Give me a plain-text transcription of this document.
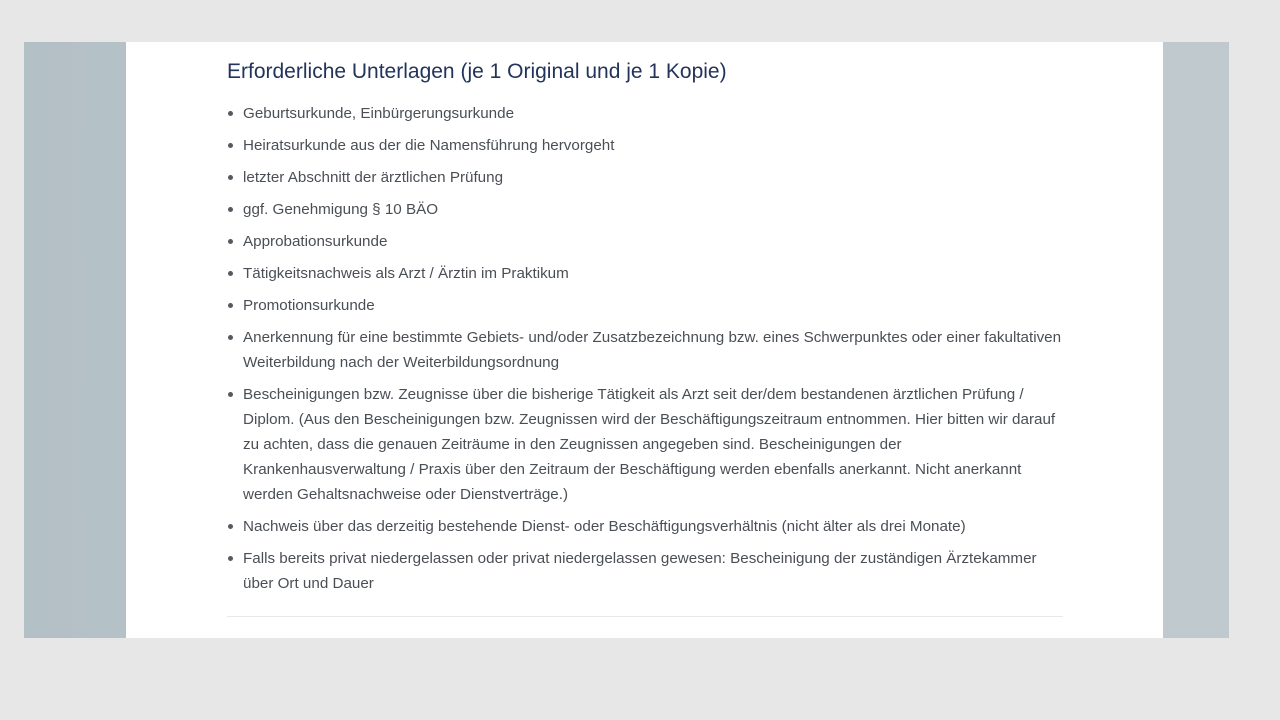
Erforderliche Unterlagen (je 1 Original und je 1 Kopie)
Geburtsurkunde, Einbürgerungsurkunde
Heiratsurkunde aus der die Namensführung hervorgeht
letzter Abschnitt der ärztlichen Prüfung
ggf. Genehmigung § 10 BÄO
Approbationsurkunde
Tätigkeitsnachweis als Arzt / Ärztin im Praktikum
Promotionsurkunde
Anerkennung für eine bestimmte Gebiets- und/oder Zusatzbezeichnung bzw. eines Schwerpunktes oder einer fakultativen Weiterbildung nach der Weiterbildungsordnung
Bescheinigungen bzw. Zeugnisse über die bisherige Tätigkeit als Arzt seit der/dem bestandenen ärztlichen Prüfung / Diplom. (Aus den Bescheinigungen bzw. Zeugnissen wird der Beschäftigungszeitraum entnommen. Hier bitten wir darauf zu achten, dass die genauen Zeiträume in den Zeugnissen angegeben sind. Bescheinigungen der Krankenhausverwaltung / Praxis über den Zeitraum der Beschäftigung werden ebenfalls anerkannt. Nicht anerkannt werden Gehaltsnachweise oder Dienstverträge.)
Nachweis über das derzeitig bestehende Dienst- oder Beschäftigungsverhältnis (nicht älter als drei Monate)
Falls bereits privat niedergelassen oder privat niedergelassen gewesen: Bescheinigung der zuständigen Ärztekammer über Ort und Dauer
